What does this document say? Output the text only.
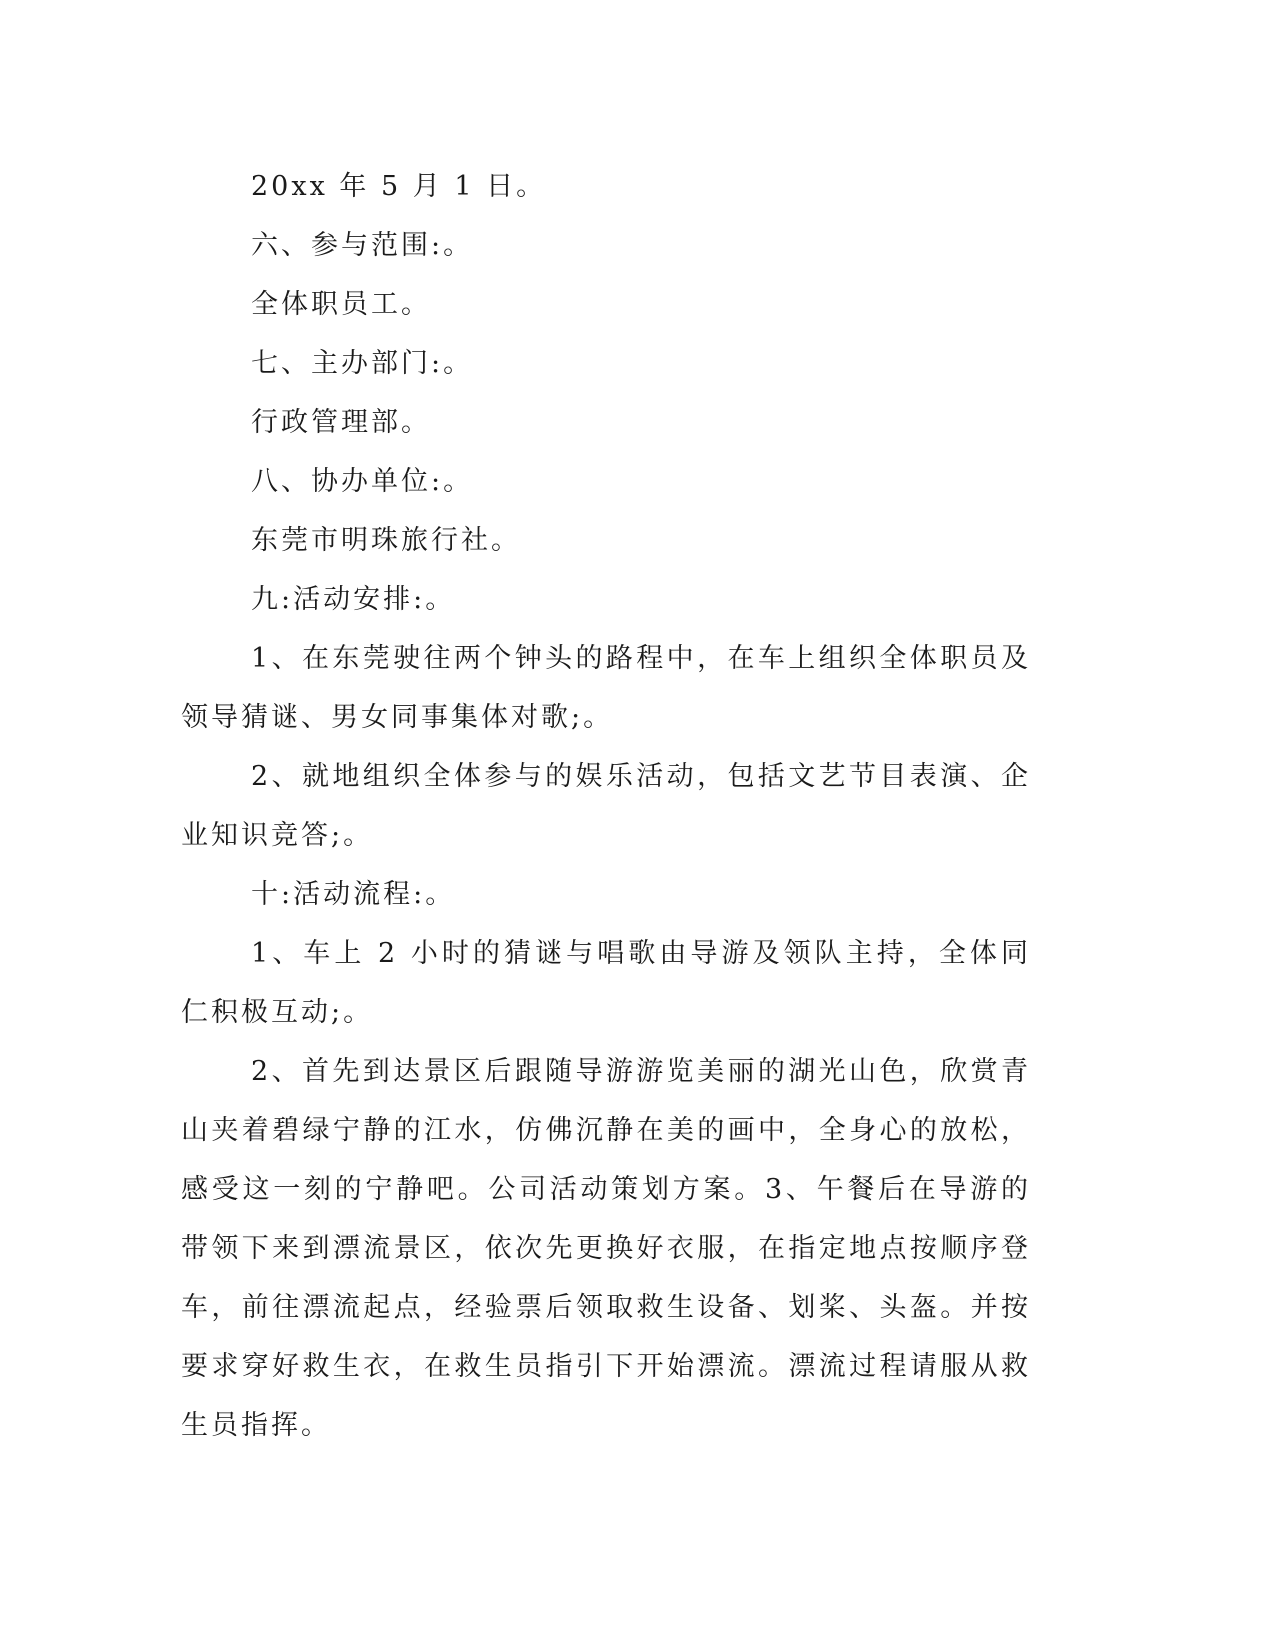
20xx 年 5 月 1 日。

六、参与范围:。

全体职员工。

七、主办部门:。

行政管理部。

八、协办单位:。

东莞市明珠旅行社。

九:活动安排:。

1、在东莞驶往两个钟头的路程中，在车上组织全体职员及领导猜谜、男女同事集体对歌;。

2、就地组织全体参与的娱乐活动，包括文艺节目表演、企业知识竞答;。

十:活动流程:。

1、车上 2 小时的猜谜与唱歌由导游及领队主持，全体同仁积极互动;。

2、首先到达景区后跟随导游游览美丽的湖光山色，欣赏青山夹着碧绿宁静的江水，仿佛沉静在美的画中，全身心的放松，感受这一刻的宁静吧。公司活动策划方案。3、午餐后在导游的带领下来到漂流景区，依次先更换好衣服，在指定地点按顺序登车，前往漂流起点，经验票后领取救生设备、划桨、头盔。并按要求穿好救生衣，在救生员指引下开始漂流。漂流过程请服从救生员指挥。
